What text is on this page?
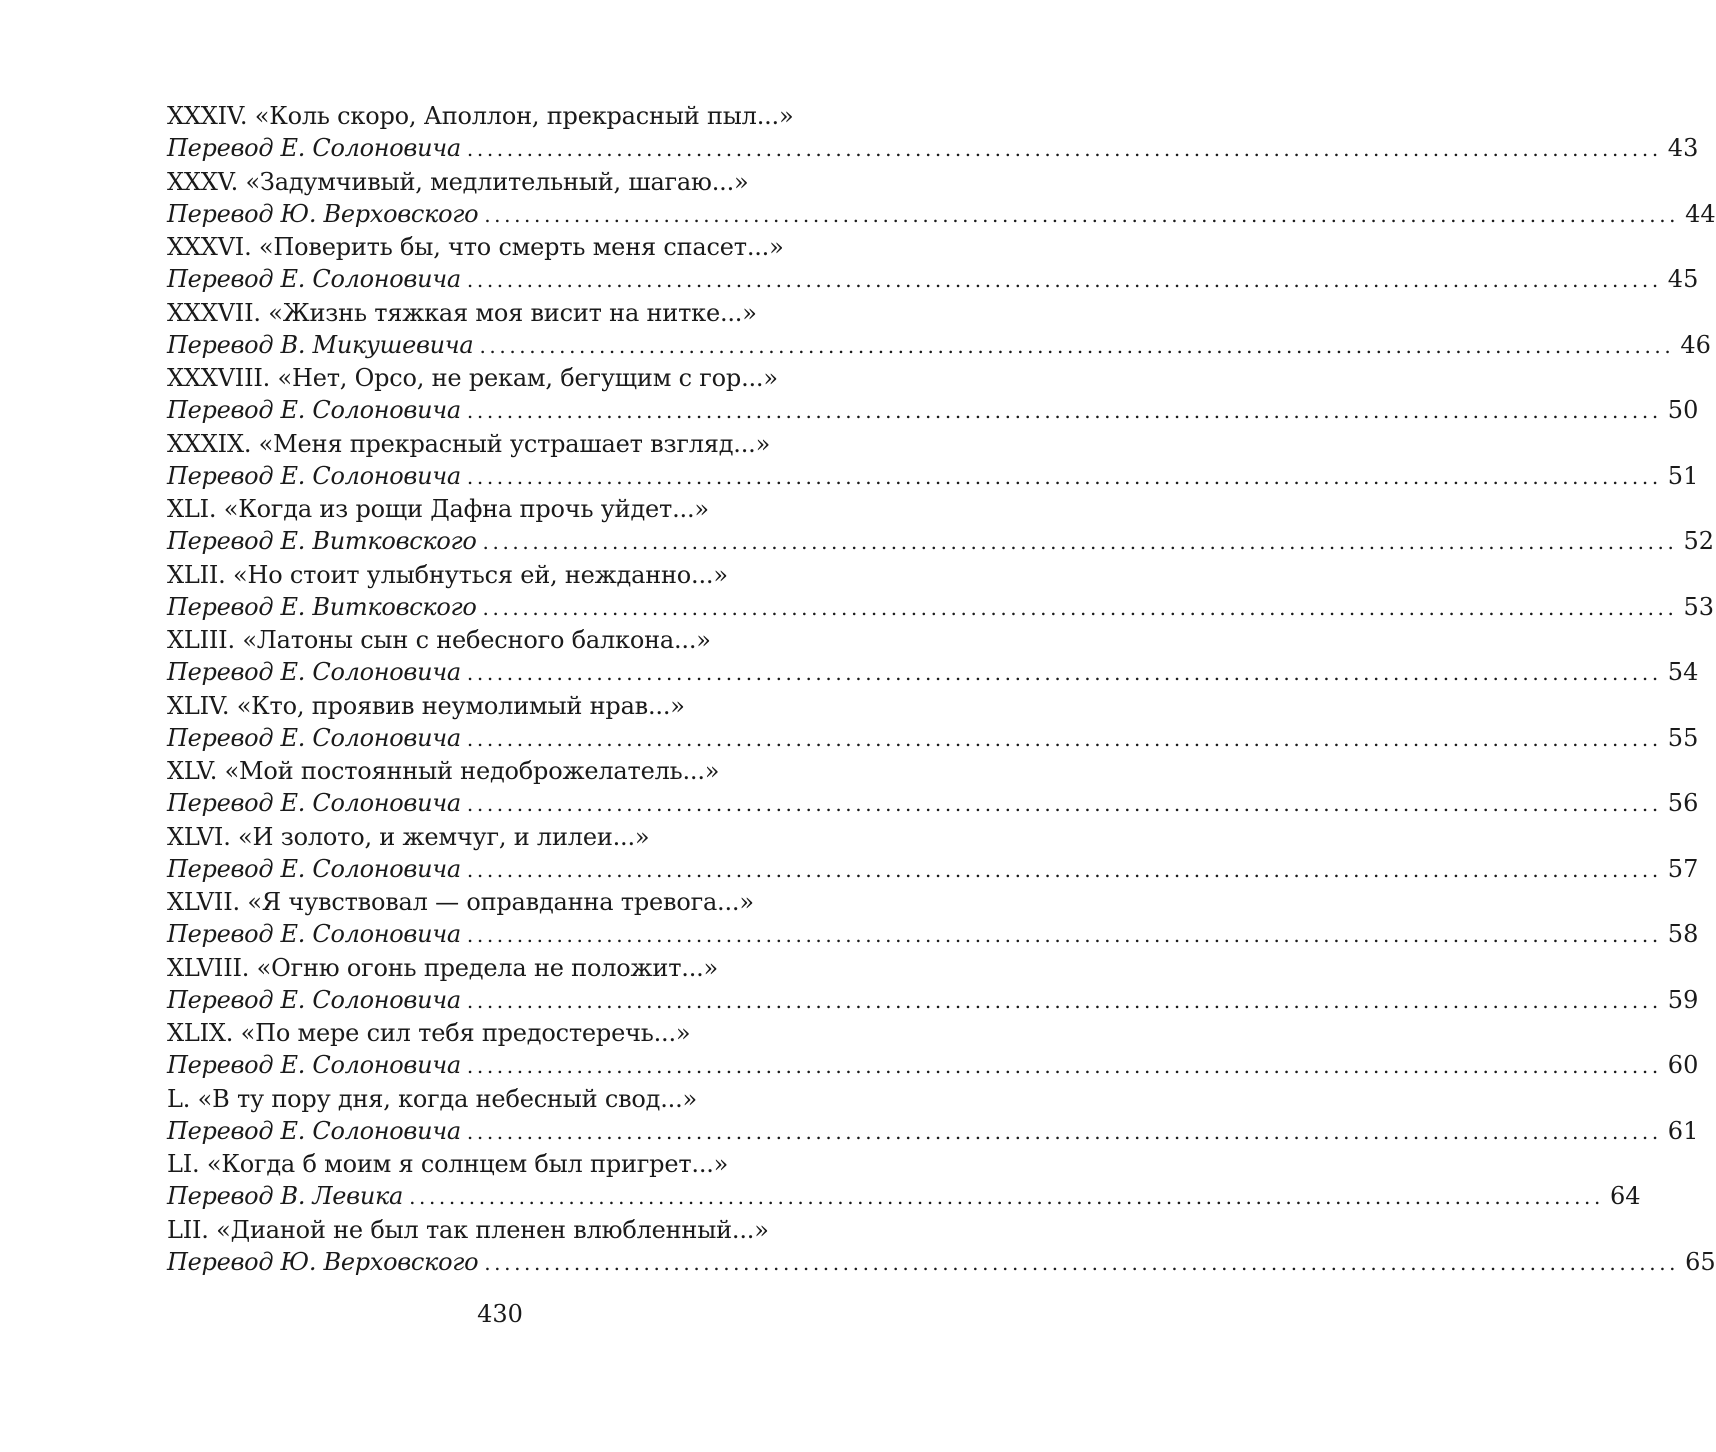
XXXIV. «Коль скоро, Аполлон, прекрасный пыл...»
Перевод Е. Солоновича ........................................................................................................................ 43
XXXV. «Задумчивый, медлительный, шагаю...»
Перевод Ю. Верховского ........................................................................................................................ 44
XXXVI. «Поверить бы, что смерть меня спасет...»
Перевод Е. Солоновича ........................................................................................................................ 45
XXXVII. «Жизнь тяжкая моя висит на нитке...»
Перевод В. Микушевича ........................................................................................................................ 46
XXXVIII. «Нет, Орсо, не рекам, бегущим с гор...»
Перевод Е. Солоновича ........................................................................................................................ 50
XXXIX. «Меня прекрасный устрашает взгляд...»
Перевод Е. Солоновича ........................................................................................................................ 51
XLI. «Когда из рощи Дафна прочь уйдет...»
Перевод Е. Витковского ........................................................................................................................ 52
XLII. «Но стоит улыбнуться ей, нежданно...»
Перевод Е. Витковского ........................................................................................................................ 53
XLIII. «Латоны сын с небесного балкона...»
Перевод Е. Солоновича ........................................................................................................................ 54
XLIV. «Кто, проявив неумолимый нрав...»
Перевод Е. Солоновича ........................................................................................................................ 55
XLV. «Мой постоянный недоброжелатель...»
Перевод Е. Солоновича ........................................................................................................................ 56
XLVI. «И золото, и жемчуг, и лилеи...»
Перевод Е. Солоновича ........................................................................................................................ 57
XLVII. «Я чувствовал — оправданна тревога...»
Перевод Е. Солоновича ........................................................................................................................ 58
XLVIII. «Огню огонь предела не положит...»
Перевод Е. Солоновича ........................................................................................................................ 59
XLIX. «По мере сил тебя предостеречь...»
Перевод Е. Солоновича ........................................................................................................................ 60
L. «В ту пору дня, когда небесный свод...»
Перевод Е. Солоновича ........................................................................................................................ 61
LI. «Когда б моим я солнцем был пригрет...»
Перевод В. Левика ........................................................................................................................ 64
LII. «Дианой не был так пленен влюбленный...»
Перевод Ю. Верховского ........................................................................................................................ 65
430
